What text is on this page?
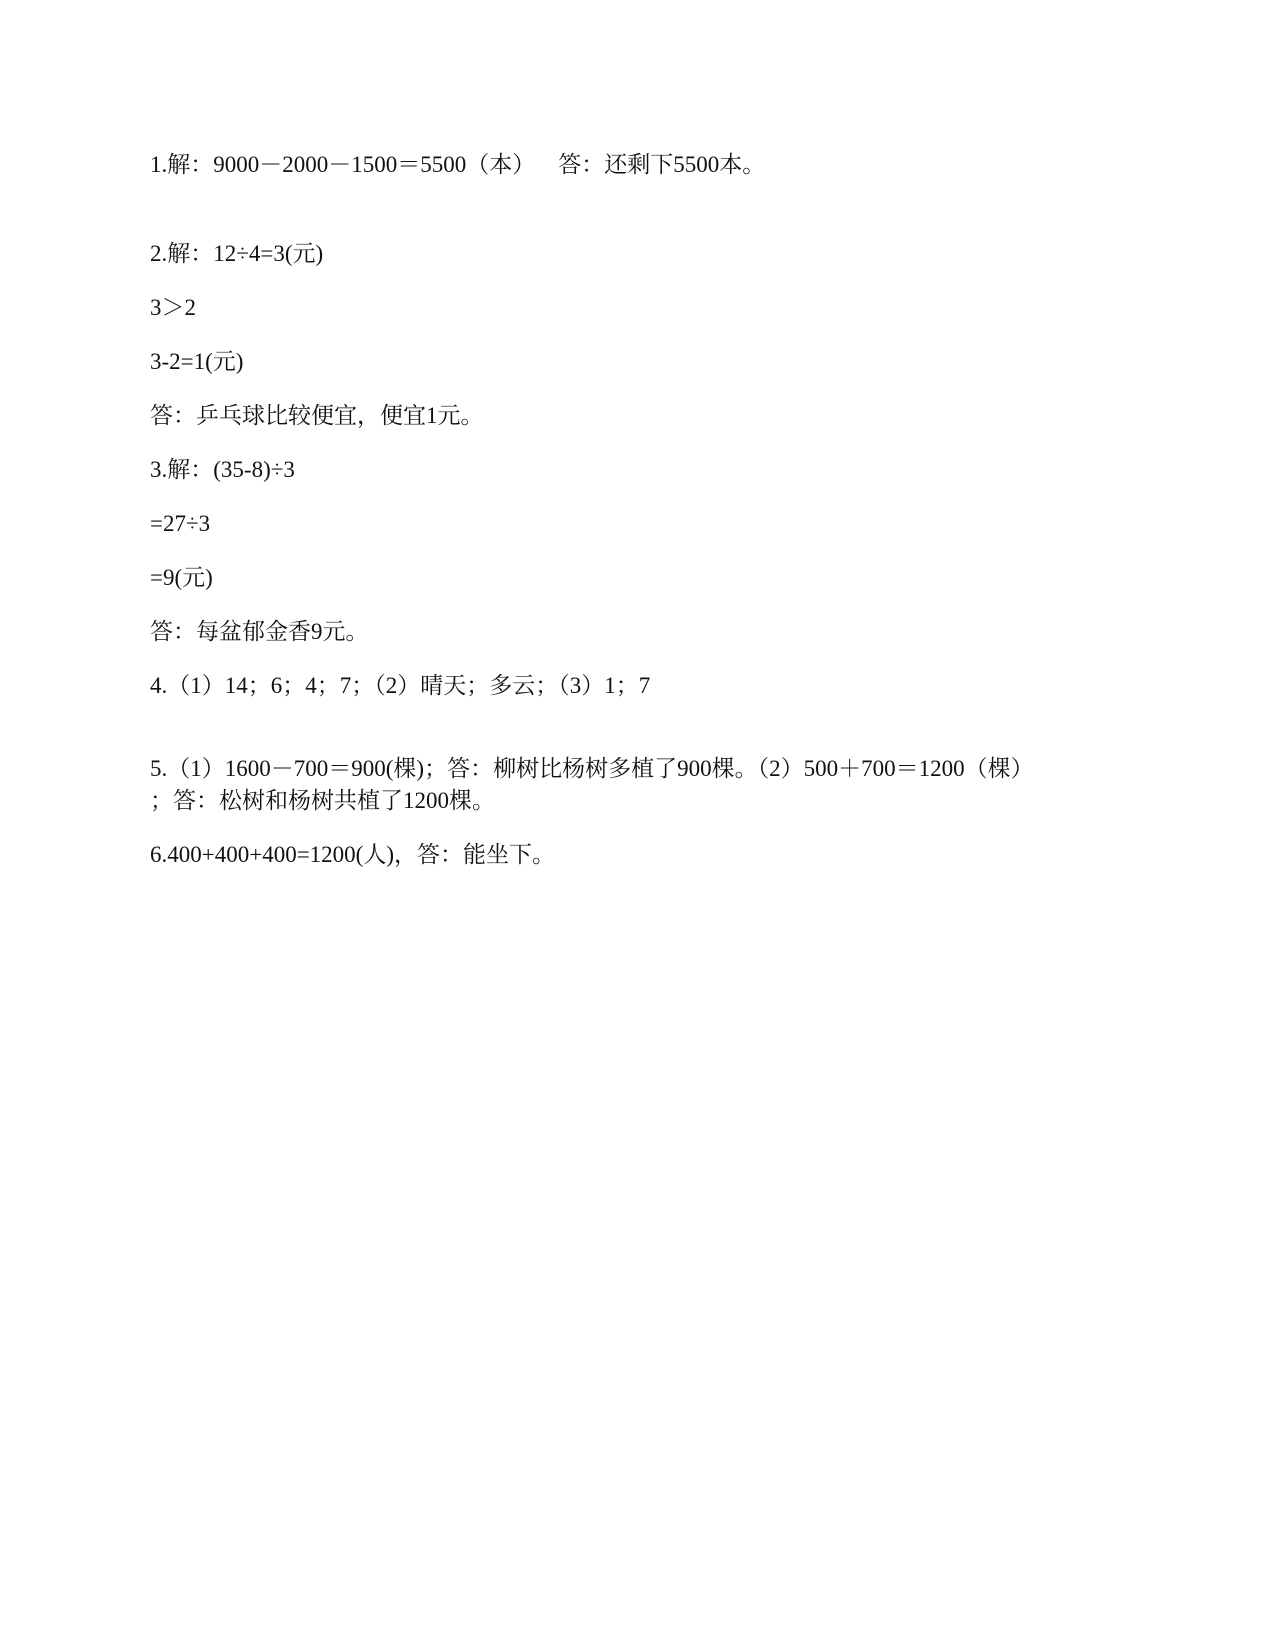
1.解：9000－2000－1500＝5500（本）    答：还剩下5500本。
2.解：12÷4=3(元)
3＞2
3-2=1(元)
答：乒乓球比较便宜，便宜1元。
3.解：(35-8)÷3
=27÷3
=9(元)
答：每盆郁金香9元。
4.（1）14；6；4；7；（2）晴天；多云；（3）1；7
5.（1）1600－700＝900(棵)；答：柳树比杨树多植了900棵。（2）500＋700＝1200（棵）
；答：松树和杨树共植了1200棵。
6.400+400+400=1200(人)，答：能坐下。
